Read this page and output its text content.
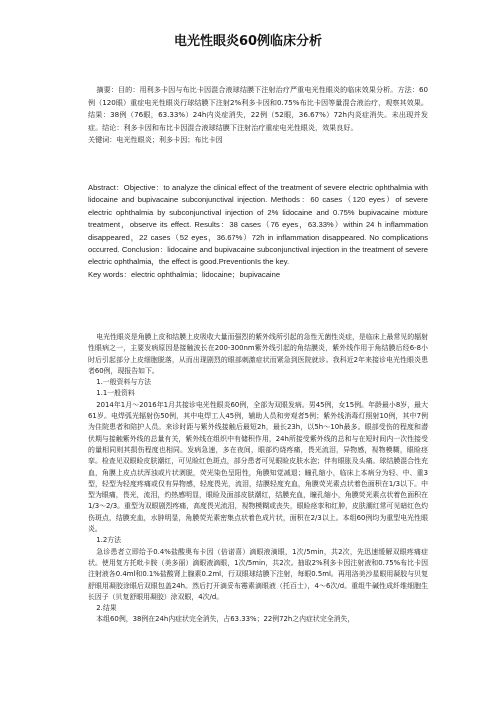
电光性眼炎60例临床分析

摘要：目的：用利多卡因与布比卡因混合液球结膜下注射治疗严重电光性眼炎的临床效果分析。方法：60例（120眼）重症电光性眼炎行球结膜下注射2%利多卡因和0.75%布比卡因等量混合液治疗，观察其效果。结果：38例（76眼，63.33%）24h内炎症消失，22例（52眼，36.67%）72h内炎症消失。未出现并发症。结论：利多卡因和布比卡因混合液球结膜下注射治疗重症电光性眼炎，效果良好。

关键词：电光性眼炎；利多卡因；布比卡因

Abstract：Objective：to analyze the clinical effect of the treatment of severe electric ophthalmia with lidocaine and bupivacaine subconjunctival injection. Methods：60 cases（120 eyes）of severe electric ophthalmia by subconjunctival injection of 2% lidocaine and 0.75% bupivacaine mixture treatment，observe its effect. Results：38 cases（76 eyes，63.33%）within 24 h inflammation disappeared，22 cases（52 eyes，36.67%）72h in inflammation disappeared. No complications occurred. Conclusion：lidocaine and bupivacaine subconjunctival injection in the treatment of severe electric ophthalmia，the effect is good.PreventionIs the key.

Key words：electric ophthalmia；lidocaine；bupivacaine

电光性眼炎是角膜上皮和结膜上皮吸收大量而强烈的紫外线所引起的急性无菌性炎症，是临床上最常见的辐射性眼病之一，主要发病原因是接触波长在200-300nm紫外线引起的角结膜炎，紫外线作用于角结膜后经6-8小时后引起部分上皮细胞脱落，从而出现剧烈的眼部刺激症状而紧急到医院就诊。我科近2年来接诊电光性眼炎患者60例，现报告如下。

1.一般资料与方法

1.1一般资料

2014年1月～2016年1月共接诊电光性眼炎60例，全部为双眼发病。男45例，女15例。年龄最小8岁，最大61岁。电焊弧光辐射伤50例，其中电焊工人45例，辅助人员和旁观者5例；紫外线消毒灯照射10例，其中7例为住院患者和陪护人员。来诊时距与紫外线接触后最短2h，最长23h，以5h～10h最多。眼部受伤的程度和潜伏期与接触紫外线的总量有关，紫外线在组织中有储积作用，24h所接受紫外线的总和与在短时间内一次性接受的量相同则其损伤程度也相同。发病急速，多在夜间，眼部灼烧疼痛，畏光流泪，异物感，视物模糊，眼睑痉挛。检查见双眼睑皮肤潮红，可见睑红色斑点，部分患者可见眼睑皮肤水泡；伴有眼胀及头痛。球结膜混合性充血，角膜上皮点状浑浊或片状剥脱，荧光染色呈阳性，角膜知觉减退；瞳孔缩小，临床上本病分为轻、中、重3型，轻型为轻度疼痛或仅有异物感，轻度畏光，流泪，结膜轻度充血，角膜荧光素点状着色面积在1/3以下。中型为眼痛，畏光，流泪，灼热感明显，眼睑及面部皮肤潮红，结膜充血，瞳孔缩小，角膜荧光素点状着色面积在1/3～2/3。重型为双眼剧烈疼痛，高度畏光流泪，视物模糊或丧失，眼睑痉挛和红肿，皮肤潮红常可见暗红色灼伤斑点，结膜充血，水肿明显，角膜荧光素密集点状着色成片状，面积在2/3以上。本组60例均为重型电光性眼炎。

1.2方法

急诊患者立即给予0.4%盐酸奥布卡因（倍诺喜）滴眼液滴眼，1次/5min，共2次，先迅速缓解双眼疼痛症状。使用复方托吡卡胺（美多丽）滴眼液滴眼，1次/5min，共2次。抽取2%利多卡因注射液和0.75%布比卡因注射液各0.4ml和0.1%盐酸肾上腺素0.2ml，行双眼球结膜下注射，每眼0.5ml。再用洛美沙星眼用凝胶与贝复舒眼用凝胶涂眼后双眼包盖24h。然后打开滴妥布霉素滴眼液（托百士），4～6次/d。重组牛碱性成纤维细胞生长因子（贝复舒眼用凝胶）涂双眼，4次/d。

2.结果

本组60例，38例在24h内症状完全消失，占63.33%；22例72h之内症状完全消失，
